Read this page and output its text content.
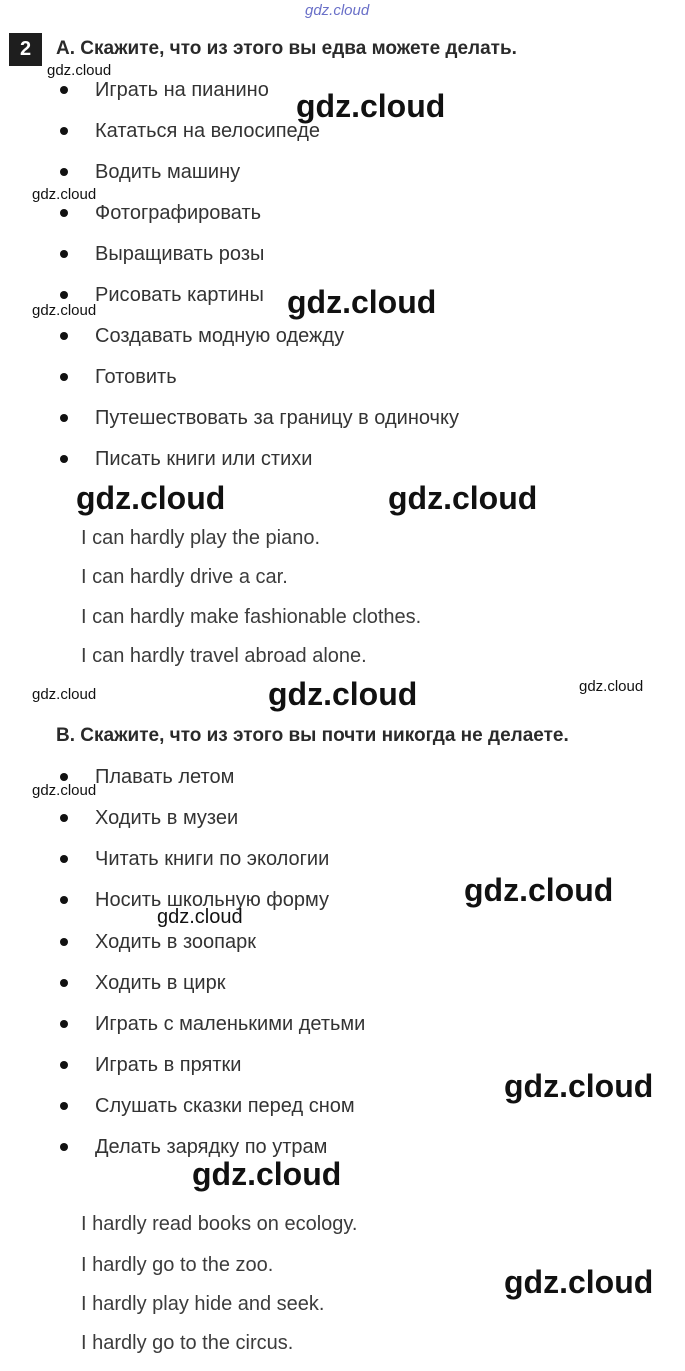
gdz.cloud
2	A. Скажите, что из этого вы едва можете делать.
Играть на пианино
Кататься на велосипеде
Водить машину
Фотографировать
Выращивать розы
Рисовать картины
Создавать модную одежду
Готовить
Путешествовать за границу в одиночку
Писать книги или стихи
I can hardly play the piano.
I can hardly drive a car.
I can hardly make fashionable clothes.
I can hardly travel abroad alone.
B. Скажите, что из этого вы почти никогда не делаете.
Плавать летом
Ходить в музеи
Читать книги по экологии
Носить школьную форму
Ходить в зоопарк
Ходить в цирк
Играть с маленькими детьми
Играть в прятки
Слушать сказки перед сном
Делать зарядку по утрам
I hardly read books on ecology.
I hardly go to the zoo.
I hardly play hide and seek.
I hardly go to the circus.
gdz.cloud
gdz.cloud
gdz.cloud
gdz.cloud
gdz.cloud
gdz.cloud	gdz.cloud
gdz.cloud	gdz.cloud	gdz.cloud
gdz.cloud
gdz.cloud
gdz.cloud
gdz.cloud
gdz.cloud
gdz.cloud
